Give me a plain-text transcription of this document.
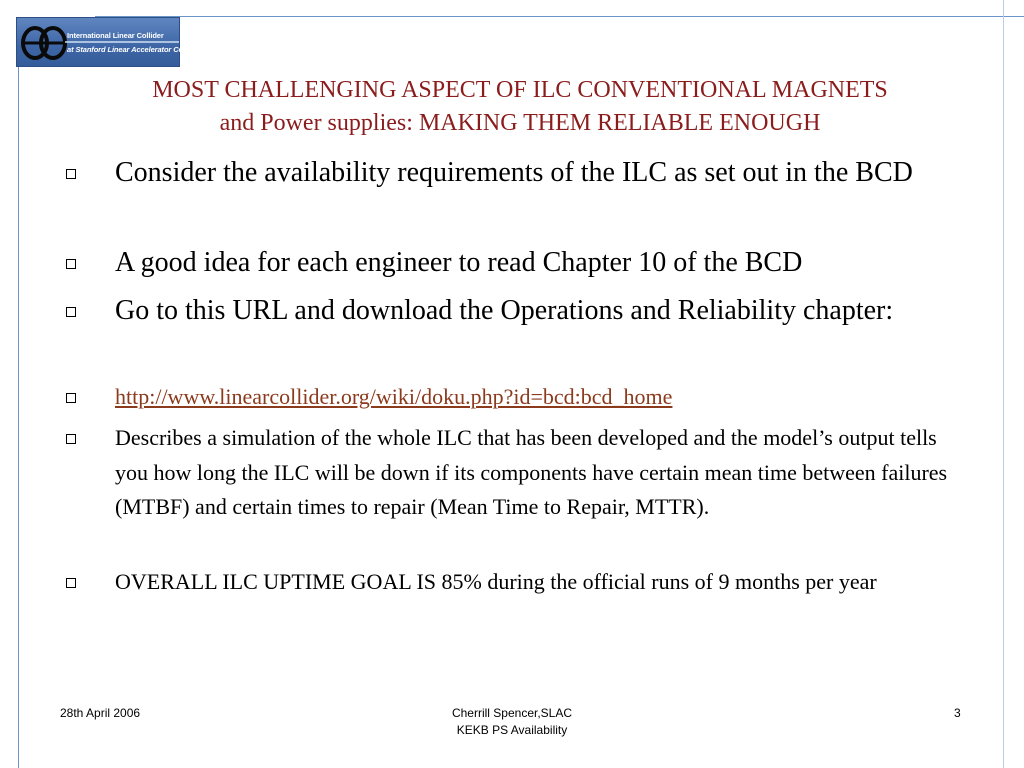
International Linear Collider
at Stanford Linear Accelerator Center
MOST CHALLENGING ASPECT OF ILC CONVENTIONAL MAGNETS
and Power supplies: MAKING THEM RELIABLE ENOUGH
Consider the availability requirements of the ILC as set out in the BCD
A good idea for each engineer to read Chapter 10 of the BCD
Go to this URL and download the Operations and Reliability chapter:
http://www.linearcollider.org/wiki/doku.php?id=bcd:bcd_home
Describes a simulation of the whole ILC that has been developed and the model’s output tells you how long the ILC will be down if its components have certain mean time between failures (MTBF) and certain times to repair (Mean Time to Repair, MTTR).
OVERALL ILC UPTIME GOAL IS 85% during the official runs of 9 months per year
28th April 2006	Cherrill Spencer,SLAC
KEKB PS Availability
3
